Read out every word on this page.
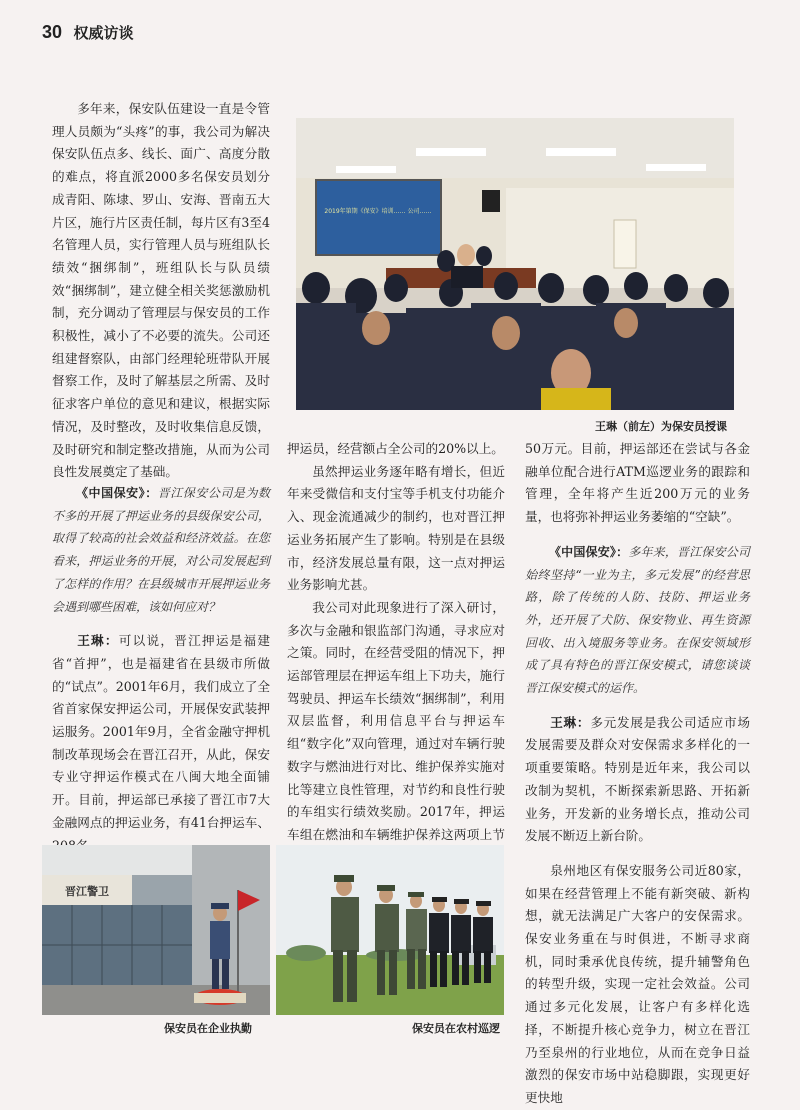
30 权威访谈
2019年第期《保安》培训…… 公司……
王琳（前左）为保安员授课

多年来，保安队伍建设一直是令管理人员颇为“头疼”的事，我公司为解决保安队伍点多、线长、面广、高度分散的难点，将直派2000多名保安员划分成青阳、陈埭、罗山、安海、晋南五大片区，施行片区责任制，每片区有3至4名管理人员，实行管理人员与班组队长绩效“捆绑制”，班组队长与队员绩效“捆绑制”，建立健全相关奖惩激励机制，充分调动了管理层与保安员的工作积极性，减小了不必要的流失。公司还组建督察队，由部门经理轮班带队开展督察工作，及时了解基层之所需、及时征求客户单位的意见和建议，根据实际情况，及时整改，及时收集信息反馈，及时研究和制定整改措施，从而为公司良性发展奠定了基础。

《中国保安》：晋江保安公司是为数不多的开展了押运业务的县级保安公司，取得了较高的社会效益和经济效益。在您看来，押运业务的开展，对公司发展起到了怎样的作用？在县级城市开展押运业务会遇到哪些困难，该如何应对？

王琳：可以说，晋江押运是福建省“首押”，也是福建省在县级市所做的“试点”。2001年6月，我们成立了全省首家保安押运公司，开展保安武装押运服务。2001年9月，全省金融守押机制改革现场会在晋江召开，从此，保安专业守押运作模式在八闽大地全面铺开。目前，押运部已承接了晋江市7大金融网点的押运业务，有41台押运车、

押运员，经营额占全公司的20%以上。

虽然押运业务逐年略有增长，但近年来受微信和支付宝等手机支付功能介入、现金流通减少的制约，也对晋江押运业务拓展产生了影响。特别是在县级市，经济发展总量有限，这一点对押运业务影响尤甚。

我公司对此现象进行了深入研讨，多次与金融和银监部门沟通，寻求应对之策。同时，在经营受阻的情况下，押运部管理层在押运车组上下功夫，施行驾驶员、押运车长绩效“捆绑制”，利用双层监督，利用信息平台与押运车组“数字化”双向管理，通过对车辆行驶数字与燃油进行对比、维护保养实施对比等建立良性管理，对节约和良性行驶的车组实行绩效奖励。2017年，押运车组在燃油和车辆维护保养这两项上节

50万元。目前，押运部还在尝试与各金融单位配合进行ATM巡逻业务的跟踪和管理，全年将产生近200万元的业务量，也将弥补押运业务萎缩的“空缺”。

《中国保安》：多年来，晋江保安公司始终坚持“一业为主，多元发展”的经营思路，除了传统的人防、技防、押运业务外，还开展了犬防、保安物业、再生资源回收、出入境服务等业务。在保安领域形成了具有特色的晋江保安模式，请您谈谈晋江保安模式的运作。

王琳：多元发展是我公司适应市场发展需要及群众对安保需求多样化的一项重要策略。特别是近年来，我公司以改制为契机，不断探索新思路、开拓新业务，开发新的业务增长点，推动公司发展不断迈上新台阶。

泉州地区有保安服务公司近80家，如果在经营管理上不能有新突破、新构想，就无法满足广大客户的安保需求。保安业务重在与时俱进，不断寻求商机，同时秉承优良传统，提升辅警角色的转型升级，实现一定社会效益。公司通过多元化发展，让客户有多样化选择，不断提升核心竞争力，树立在晋江乃至泉州的行业地位，从而在竞争日益激烈的保安市场中站稳脚跟，实现更好更快地

晋江警卫
保安员在企业执勤	保安员在农村巡逻
